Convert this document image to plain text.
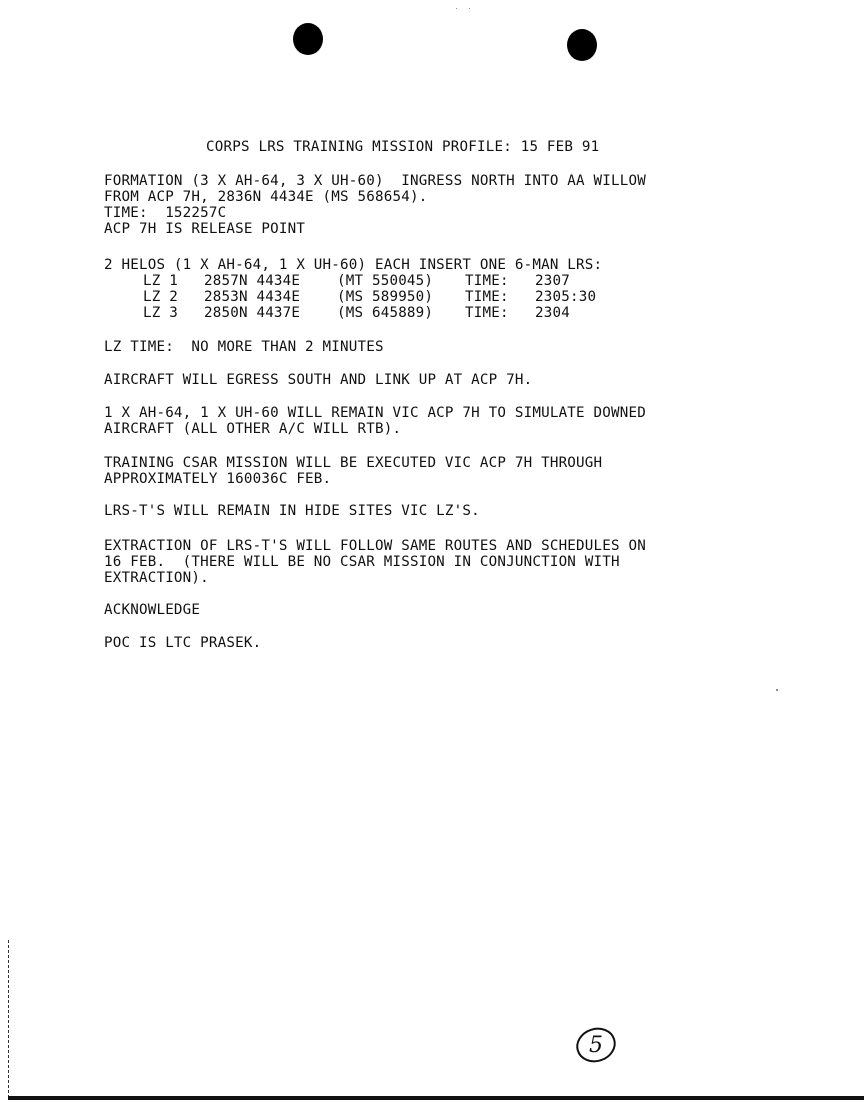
CORPS LRS TRAINING MISSION PROFILE: 15 FEB 91
FORMATION (3 X AH-64, 3 X UH-60)  INGRESS NORTH INTO AA WILLOW
FROM ACP 7H, 2836N 4434E (MS 568654).
TIME:  152257C
ACP 7H IS RELEASE POINT
2 HELOS (1 X AH-64, 1 X UH-60) EACH INSERT ONE 6-MAN LRS:
LZ 1 2857N 4434E	(MT 550045) TIME: 2307
LZ 2 2853N 4434E	(MS 589950) TIME: 2305:30
LZ 3 2850N 4437E	(MS 645889) TIME: 2304
LZ TIME:  NO MORE THAN 2 MINUTES
AIRCRAFT WILL EGRESS SOUTH AND LINK UP AT ACP 7H.
1 X AH-64, 1 X UH-60 WILL REMAIN VIC ACP 7H TO SIMULATE DOWNED
AIRCRAFT (ALL OTHER A/C WILL RTB).
TRAINING CSAR MISSION WILL BE EXECUTED VIC ACP 7H THROUGH
APPROXIMATELY 160036C FEB.
LRS-T'S WILL REMAIN IN HIDE SITES VIC LZ'S.
EXTRACTION OF LRS-T'S WILL FOLLOW SAME ROUTES AND SCHEDULES ON
16 FEB.  (THERE WILL BE NO CSAR MISSION IN CONJUNCTION WITH
EXTRACTION).
ACKNOWLEDGE
POC IS LTC PRASEK.
5
